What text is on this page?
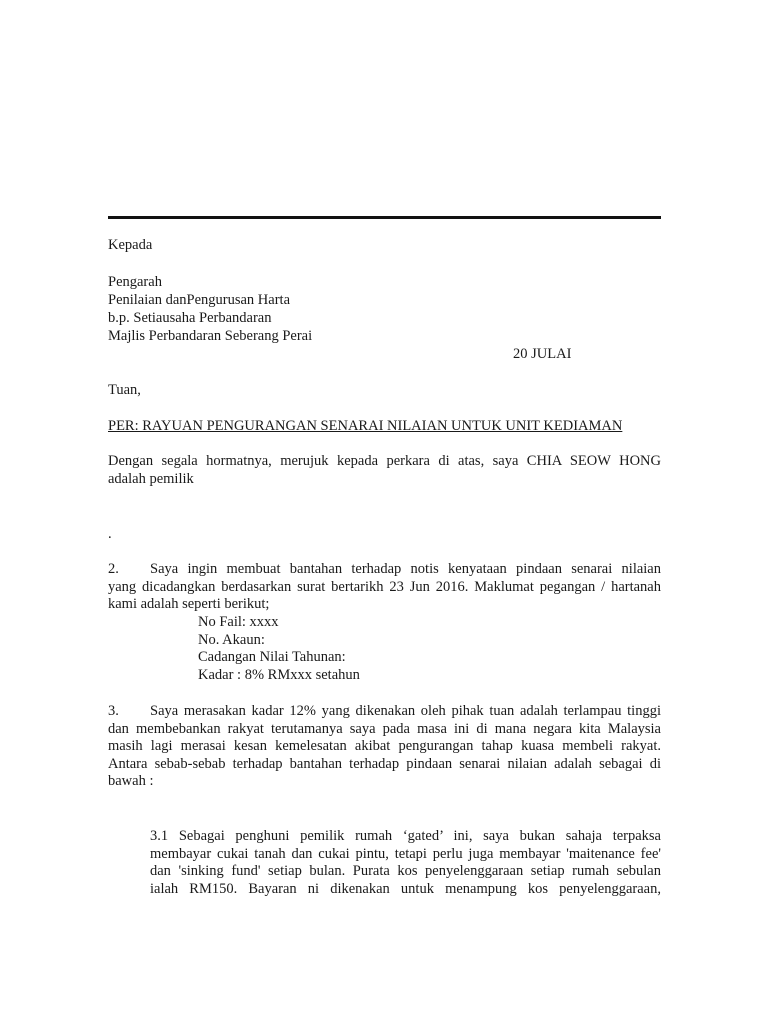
Kepada
Pengarah
Penilaian danPengurusan Harta
b.p. Setiausaha Perbandaran
Majlis Perbandaran Seberang Perai
20 JULAI
Tuan,
PER: RAYUAN PENGURANGAN SENARAI NILAIAN UNTUK UNIT KEDIAMAN
Dengan segala hormatnya, merujuk kepada perkara di atas, saya CHIA SEOW HONG
adalah pemilik
.
2. Saya ingin membuat bantahan terhadap notis kenyataan pindaan senarai nilaian
yang dicadangkan berdasarkan surat bertarikh 23 Jun 2016. Maklumat pegangan / hartanah
kami adalah seperti berikut;
No Fail: xxxx
No. Akaun:
Cadangan Nilai Tahunan:
Kadar : 8% RMxxx setahun
3. Saya merasakan kadar 12% yang dikenakan oleh pihak tuan adalah terlampau tinggi
dan membebankan rakyat terutamanya saya pada masa ini di mana negara kita Malaysia
masih lagi merasai kesan kemelesatan akibat pengurangan tahap kuasa membeli rakyat.
Antara sebab-sebab terhadap bantahan terhadap pindaan senarai nilaian adalah sebagai di
bawah :
3.1 Sebagai penghuni pemilik rumah ‘gated’ ini, saya bukan sahaja terpaksa
membayar cukai tanah dan cukai pintu, tetapi perlu juga membayar 'maitenance fee'
dan 'sinking fund' setiap bulan. Purata kos penyelenggaraan setiap rumah sebulan
ialah RM150. Bayaran ni dikenakan untuk menampung kos penyelenggaraan,
